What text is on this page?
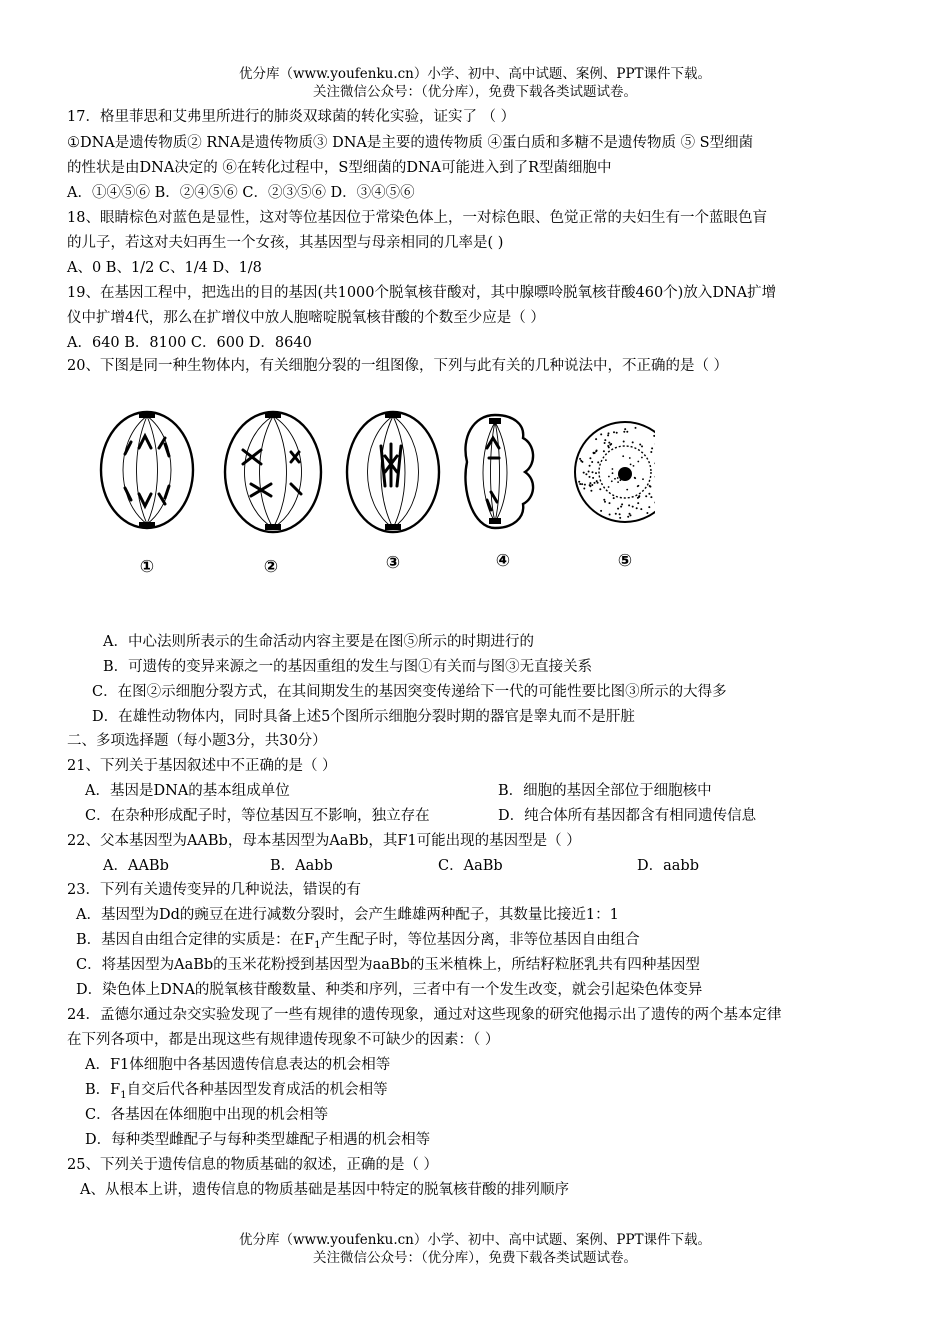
优分库（www.youfenku.cn）小学、初中、高中试题、案例、PPT课件下载。
关注微信公众号：（优分库），免费下载各类试题试卷。
17．格里菲思和艾弗里所进行的肺炎双球菌的转化实验，证实了 （ ）
①DNA是遗传物质② RNA是遗传物质③ DNA是主要的遗传物质 ④蛋白质和多糖不是遗传物质 ⑤ S型细菌
的性状是由DNA决定的 ⑥在转化过程中，S型细菌的DNA可能进入到了R型菌细胞中
A．①④⑤⑥ B．②④⑤⑥ C．②③⑤⑥ D．③④⑤⑥
18、眼睛棕色对蓝色是显性，这对等位基因位于常染色体上，一对棕色眼、色觉正常的夫妇生有一个蓝眼色盲
的儿子，若这对夫妇再生一个女孩，其基因型与母亲相同的几率是( )
A、0 B、1/2 C、1/4 D、1/8
19、在基因工程中，把选出的目的基因(共1000个脱氧核苷酸对，其中腺嘌呤脱氧核苷酸460个)放入DNA扩增
仪中扩增4代，那么在扩增仪中放人胞嘧啶脱氧核苷酸的个数至少应是（ ）
A．640 B．8100 C．600 D．8640
20、下图是同一种生物体内，有关细胞分裂的一组图像，下列与此有关的几种说法中，不正确的是（ ）
①	②	③	④	⑤
A．中心法则所表示的生命活动内容主要是在图⑤所示的时期进行的
B．可遗传的变异来源之一的基因重组的发生与图①有关而与图③无直接关系
C．在图②示细胞分裂方式，在其间期发生的基因突变传递给下一代的可能性要比图③所示的大得多
D．在雄性动物体内，同时具备上述5个图所示细胞分裂时期的器官是睾丸而不是肝脏
二、多项选择题（每小题3分，共30分）
21、下列关于基因叙述中不正确的是（ ）
A．基因是DNA的基本组成单位	B．细胞的基因全部位于细胞核中
C．在杂种形成配子时，等位基因互不影响，独立存在	D．纯合体所有基因都含有相同遗传信息
22、父本基因型为AABb，母本基因型为AaBb，其F1可能出现的基因型是（ ）
A．AABb	B．Aabb	C．AaBb	D．aabb
23．下列有关遗传变异的几种说法，错误的有
A．基因型为Dd的豌豆在进行减数分裂时，会产生雌雄两种配子，其数量比接近1：1
B．基因自由组合定律的实质是：在$F_1$产生配子时，等位基因分离，非等位基因自由组合
C．将基因型为AaBb的玉米花粉授到基因型为aaBb的玉米植株上，所结籽粒胚乳共有四种基因型
D．染色体上DNA的脱氧核苷酸数量、种类和序列，三者中有一个发生改变，就会引起染色体变异
24．孟德尔通过杂交实验发现了一些有规律的遗传现象，通过对这些现象的研究他揭示出了遗传的两个基本定律
在下列各项中，都是出现这些有规律遗传现象不可缺少的因素：（ ）
A．F1体细胞中各基因遗传信息表达的机会相等
B．$F_1$自交后代各种基因型发育成活的机会相等
C．各基因在体细胞中出现的机会相等
D．每种类型雌配子与每种类型雄配子相遇的机会相等
25、下列关于遗传信息的物质基础的叙述，正确的是（ ）
A、从根本上讲，遗传信息的物质基础是基因中特定的脱氧核苷酸的排列顺序
优分库（www.youfenku.cn）小学、初中、高中试题、案例、PPT课件下载。
关注微信公众号：（优分库），免费下载各类试题试卷。
